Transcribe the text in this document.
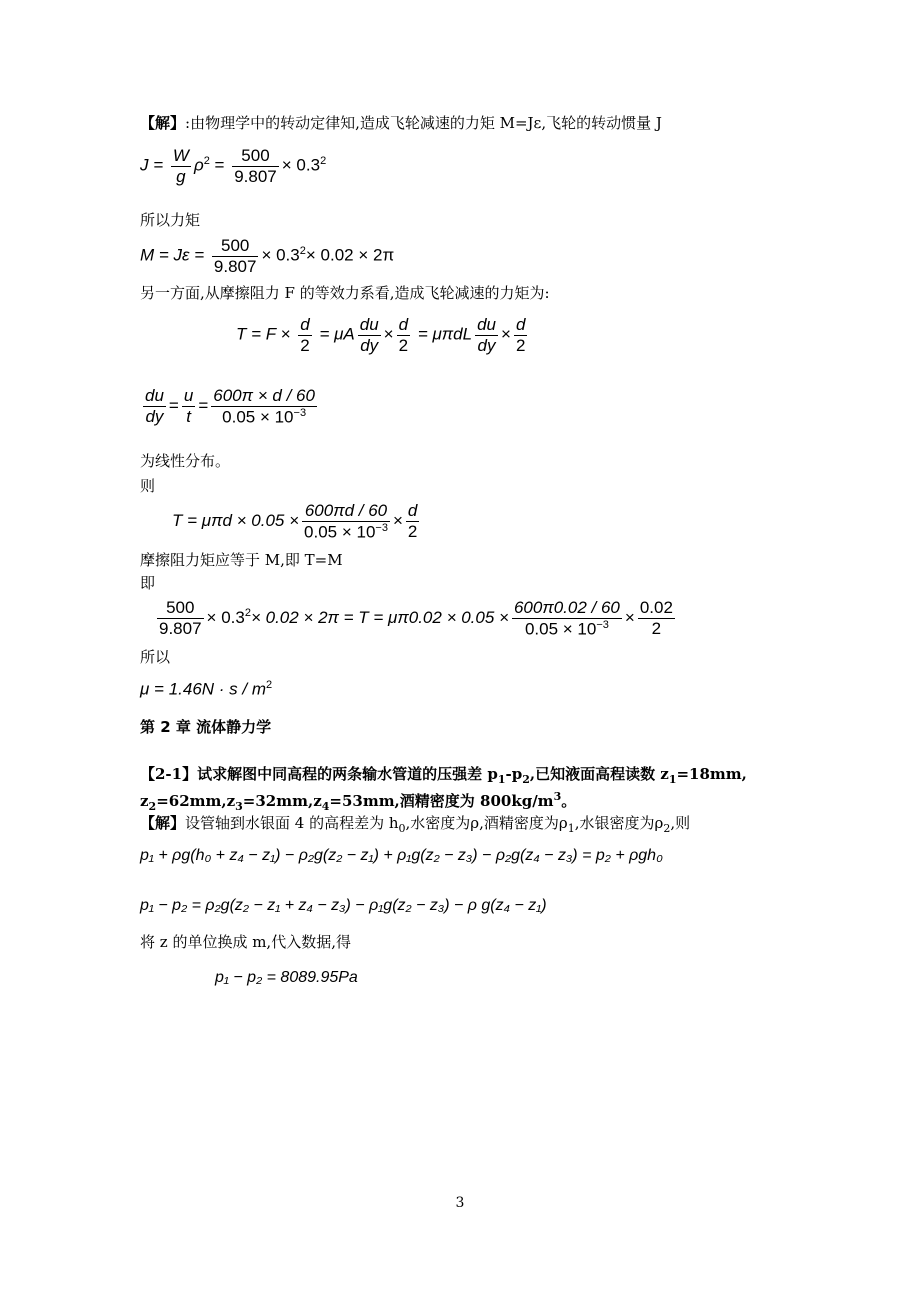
【解】:由物理学中的转动定律知,造成飞轮减速的力矩 M=Jε,飞轮的转动惯量 J
$J = \frac{W}{g} \rho^2 = \frac{500}{9.807} \times 0.3^2$
所以力矩
$M = J\varepsilon = \frac{500}{9.807} \times 0.3^2\times 0.02 \times 2\pi$
另一方面,从摩擦阻力 F 的等效力系看,造成飞轮减速的力矩为:
$T = F \times \frac{d}{2} = \mu A \frac{du}{dy} \times \frac{d}{2} = \mu\pi dL \frac{du}{dy} \times \frac{d}{2}$
$\frac{du}{dy} = \frac{u}{t} = \frac{600\pi \times d / 60}{0.05 \times 10^{-3}}$
为线性分布。
则
$T = \mu\pi d \times 0.05 \times \frac{600\pi d / 60}{0.05 \times 10^{-3}} \times \frac{d}{2}$
摩擦阻力矩应等于 M,即 T=M
即
$\frac{500}{9.807} \times 0.3^2\times 0.02 \times 2\pi = T = \mu\pi 0.02 \times 0.05 \times \frac{600\pi 0.02 / 60}{0.05 \times 10^{-3}} \times \frac{0.02}{2}$
所以
$\mu = 1.46N \cdot s / m^2$
第 2 章 流体静力学
【2-1】试求解图中同高程的两条输水管道的压强差 $p_1-p_2$,已知液面高程读数 $z_1=18mm$,
$z_2=62mm,z_3=32mm,z_4=53mm$,酒精密度为 $800kg/m^3$。
【解】设管轴到水银面 4 的高程差为 $h_0$,水密度为ρ,酒精密度为$\rho_1$,水银密度为$\rho_2$,则
p₁ + ρg(h₀ + z₄ − z₁) − ρ₂g(z₂ − z₁) + ρ₁g(z₂ − z₃) − ρ₂g(z₄ − z₃) = p₂ + ρgh₀
p₁ − p₂ = ρ₂g(z₂ − z₁ + z₄ − z₃) − ρ₁g(z₂ − z₃) − ρ g(z₄ − z₁)
将 z 的单位换成 m,代入数据,得
p₁ − p₂ = 8089.95Pa
3
